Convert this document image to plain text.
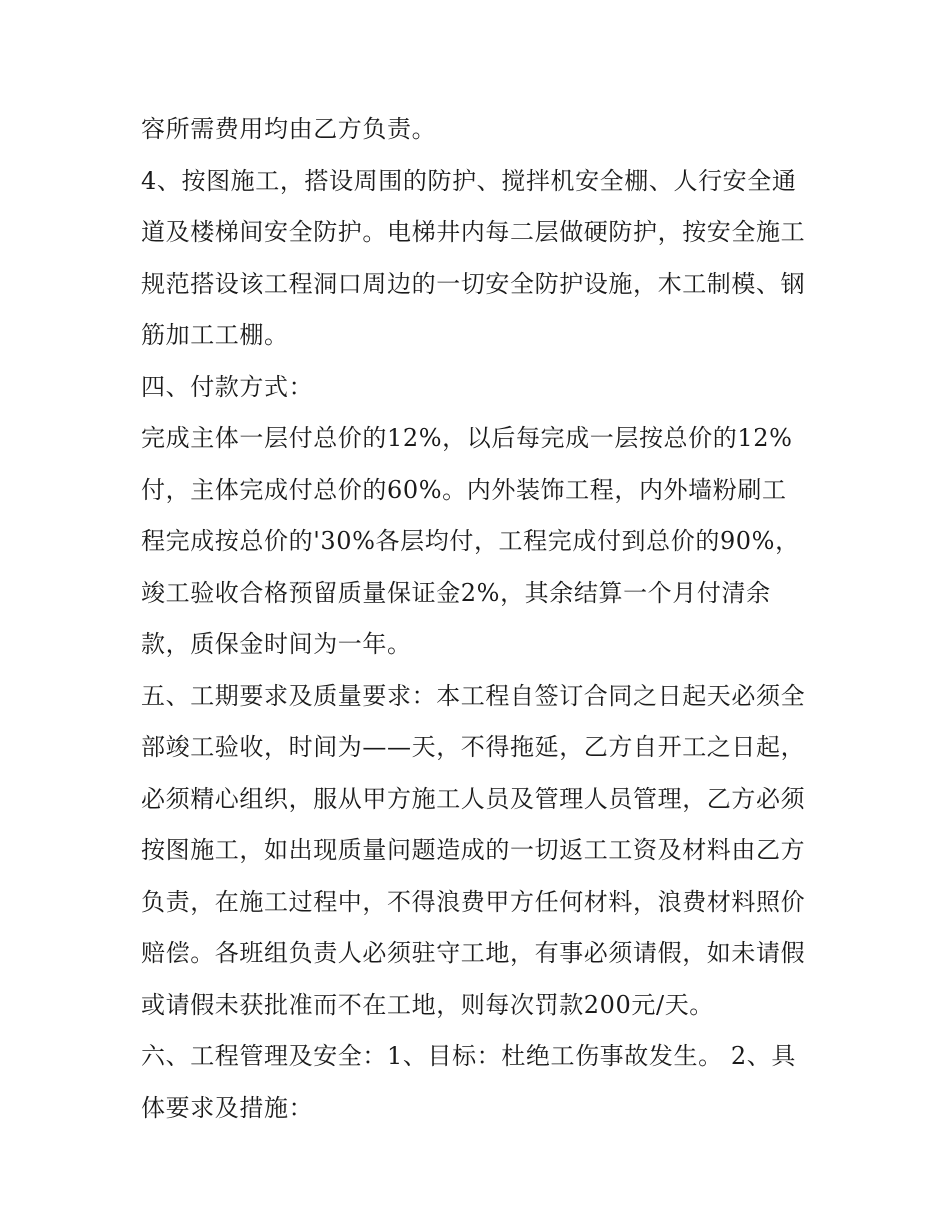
容所需费用均由乙方负责。
4、按图施工，搭设周围的防护、搅拌机安全棚、人行安全通
道及楼梯间安全防护。电梯井内每二层做硬防护，按安全施工
规范搭设该工程洞口周边的一切安全防护设施，木工制模、钢
筋加工工棚。
四、付款方式：
完成主体一层付总价的12%，以后每完成一层按总价的12%
付，主体完成付总价的60%。内外装饰工程，内外墙粉刷工
程完成按总价的'30%各层均付，工程完成付到总价的90%，
竣工验收合格预留质量保证金2%，其余结算一个月付清余
款，质保金时间为一年。
五、工期要求及质量要求：本工程自签订合同之日起天必须全
部竣工验收，时间为——天，不得拖延，乙方自开工之日起，
必须精心组织，服从甲方施工人员及管理人员管理，乙方必须
按图施工，如出现质量问题造成的一切返工工资及材料由乙方
负责，在施工过程中，不得浪费甲方任何材料，浪费材料照价
赔偿。各班组负责人必须驻守工地，有事必须请假，如未请假
或请假未获批准而不在工地，则每次罚款200元/天。
六、工程管理及安全：1、目标：杜绝工伤事故发生。 2、具
体要求及措施：
